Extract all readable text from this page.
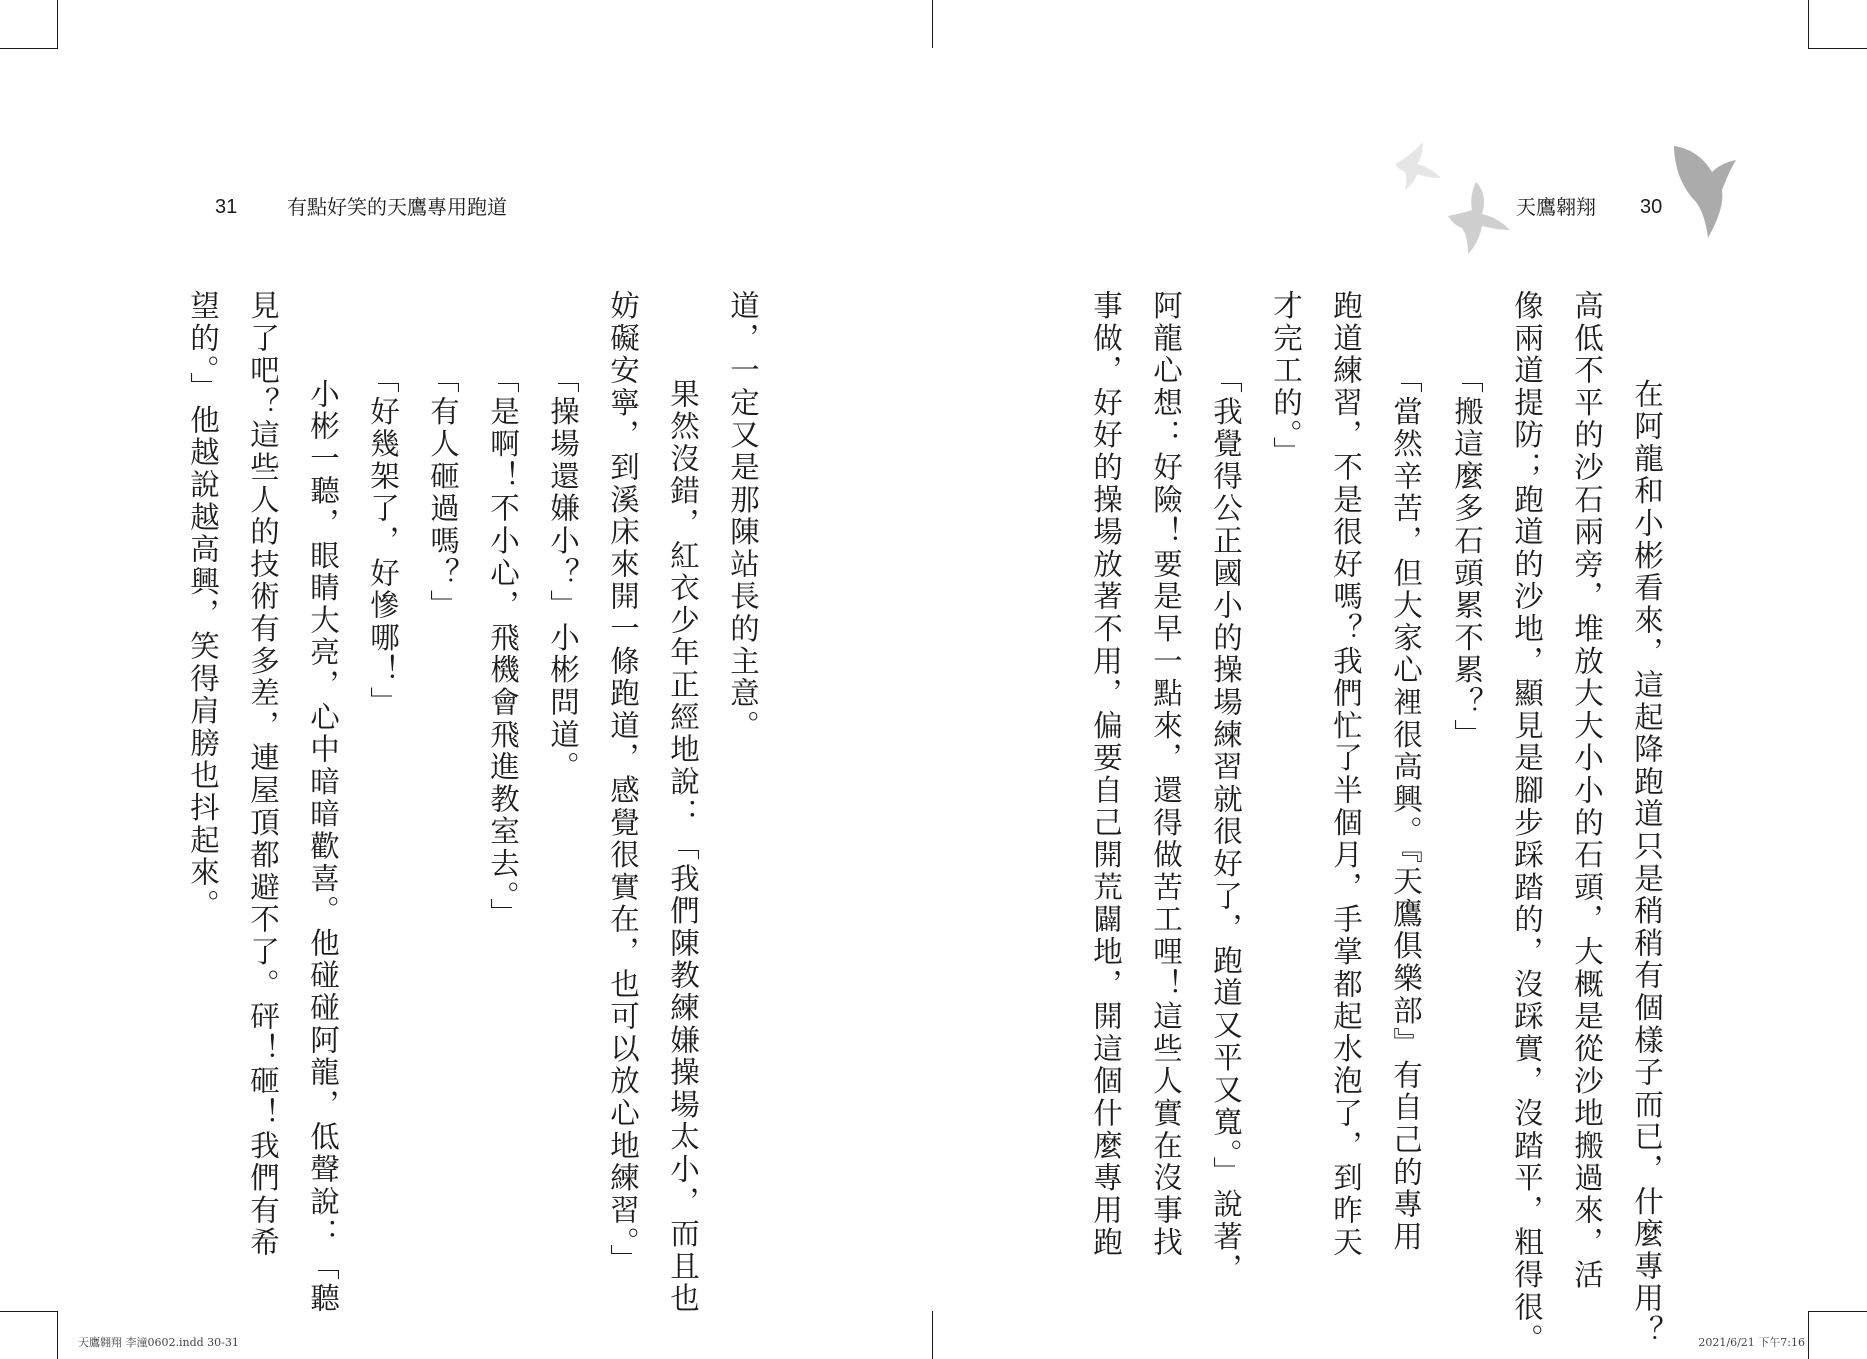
31 有點好笑的天鷹專用跑道	天鷹翱翔 30
　在阿龍和小彬看來，這起降跑道只是稍稍有個樣子而已，什麼專用？
高低不平的沙石兩旁，堆放大大小小的石頭，大概是從沙地搬過來，活
像兩道提防；跑道的沙地，顯見是腳步踩踏的，沒踩實，沒踏平，粗得很。
　「搬這麼多石頭累不累？」
　「當然辛苦，但大家心裡很高興。『天鷹俱樂部』有自己的專用
跑道練習，不是很好嗎？我們忙了半個月，手掌都起水泡了，到昨天
才完工的。」
　「我覺得公正國小的操場練習就很好了，跑道又平又寬。」說著，
阿龍心想：好險！要是早一點來，還得做苦工哩！這些人實在沒事找
事做，好好的操場放著不用，偏要自己開荒闢地，開這個什麼專用跑
道，一定又是那陳站長的主意。
　果然沒錯，紅衣少年正經地說：「我們陳教練嫌操場太小，而且也
妨礙安寧，到溪床來開一條跑道，感覺很實在，也可以放心地練習。」
　「操場還嫌小？」小彬問道。
　「是啊！不小心，飛機會飛進教室去。」
　「有人砸過嗎？」
　「好幾架了，好慘哪！」
　小彬一聽，眼睛大亮，心中暗暗歡喜。他碰碰阿龍，低聲說：「聽
見了吧？這些人的技術有多差，連屋頂都避不了。砰！砸！我們有希
望的。」他越說越高興，笑得肩膀也抖起來。
天鷹翱翔 李潼0602.indd 30-31	2021/6/21 下午7:16
